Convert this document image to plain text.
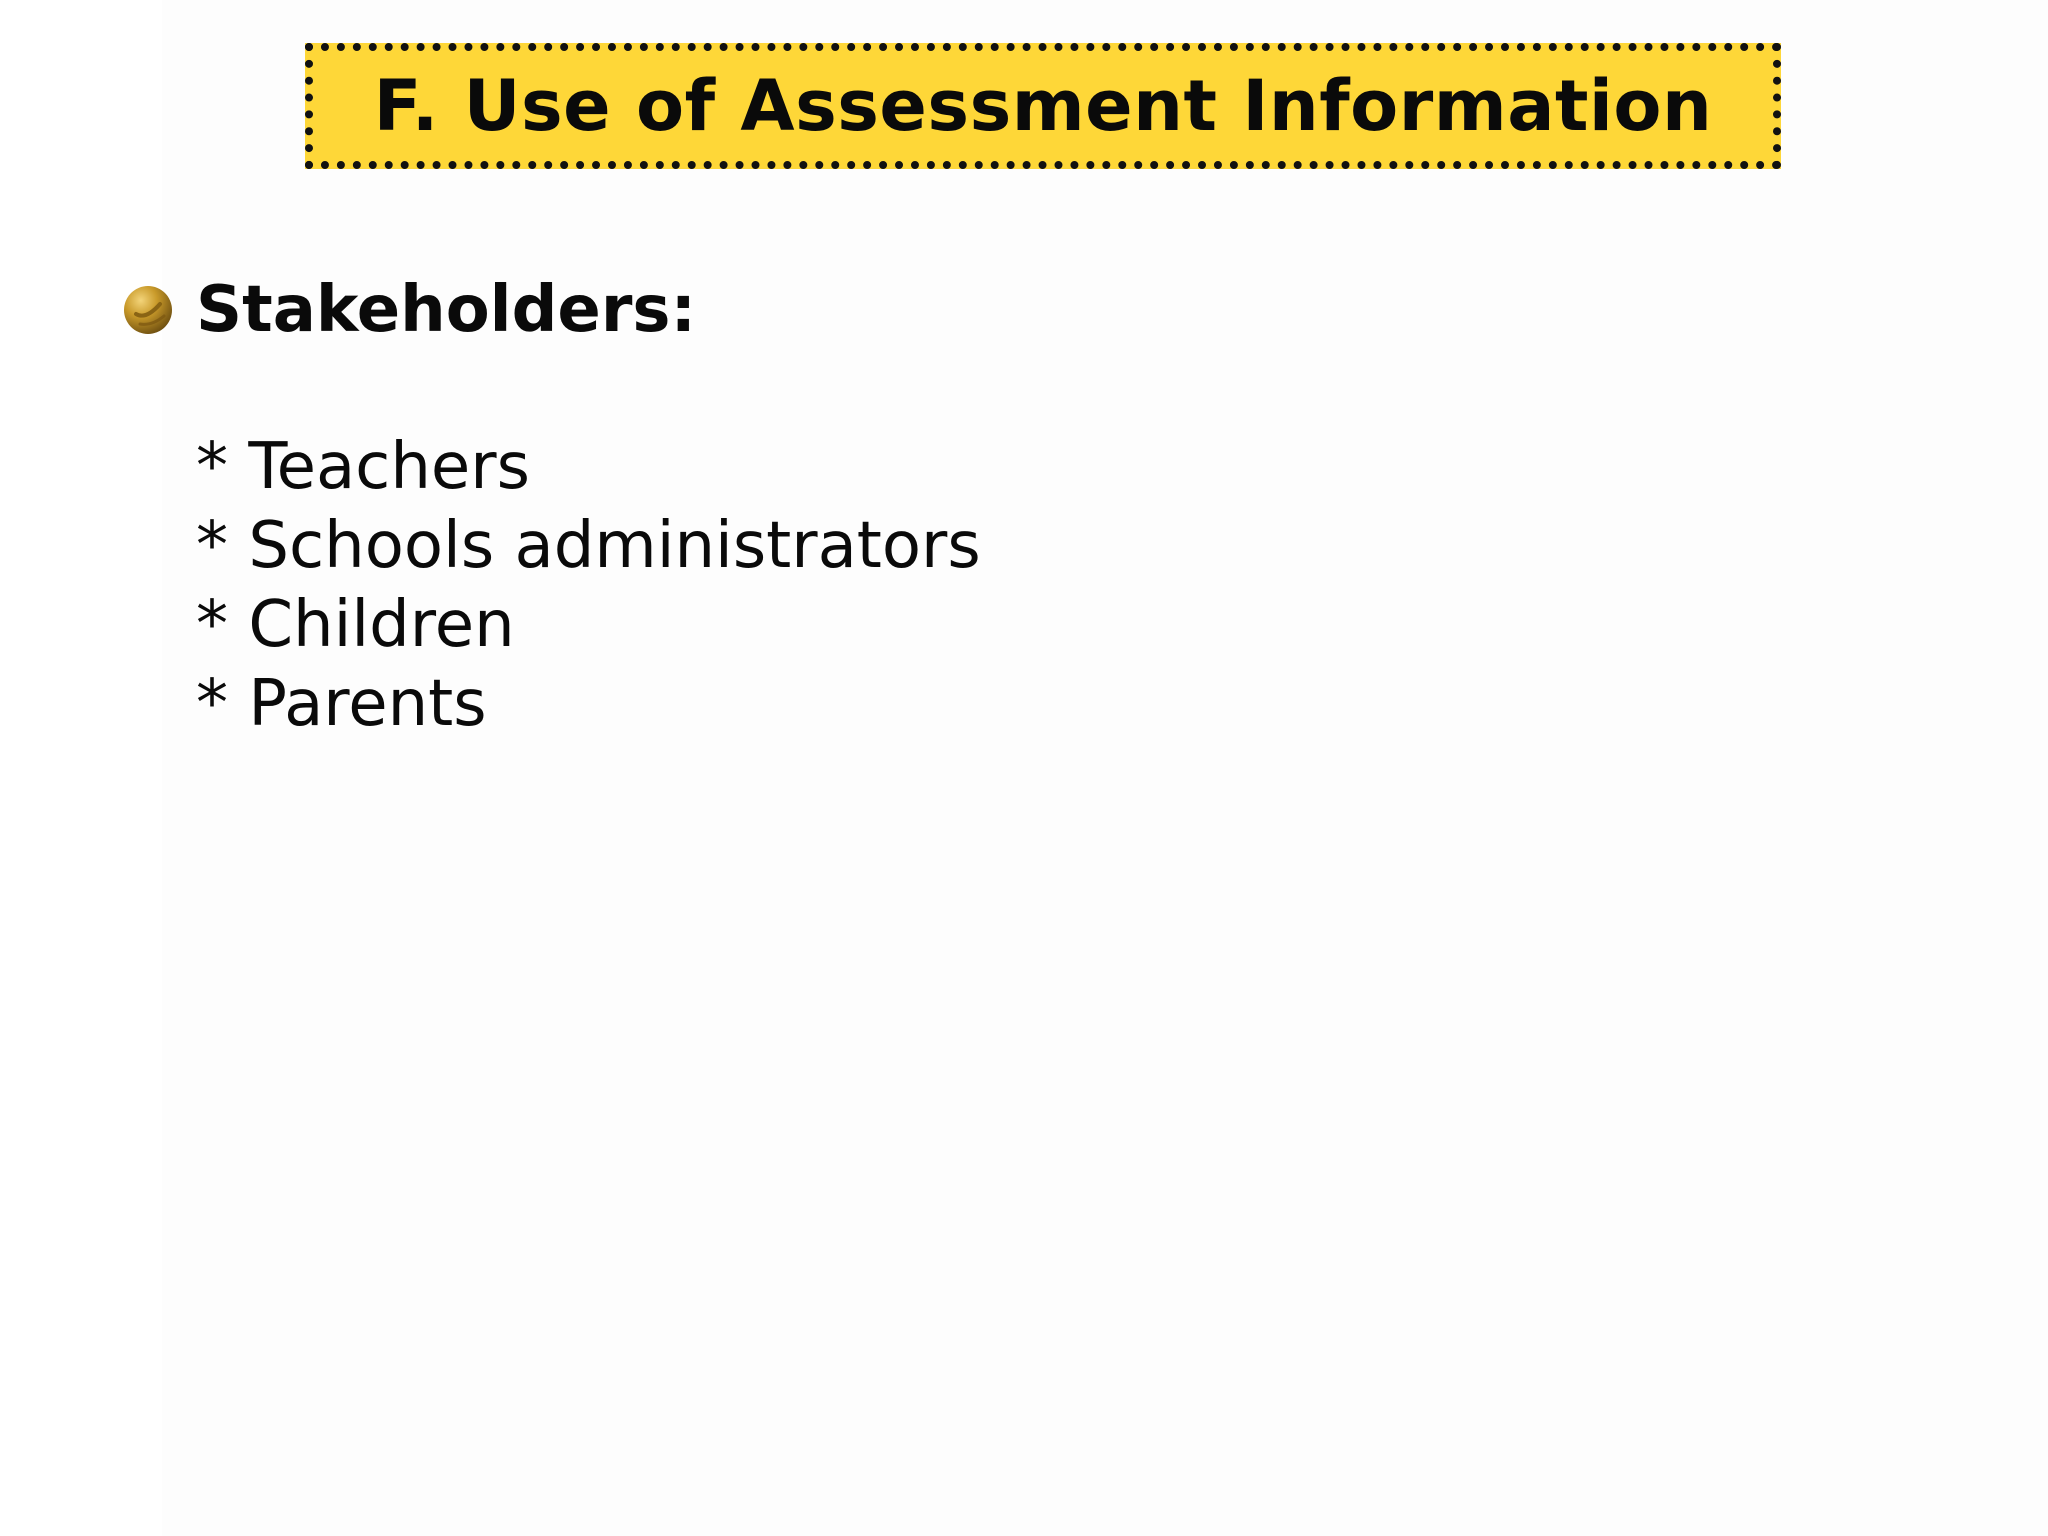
F. Use of Assessment Information
Stakeholders:
* Teachers
* Schools administrators
* Children
* Parents
